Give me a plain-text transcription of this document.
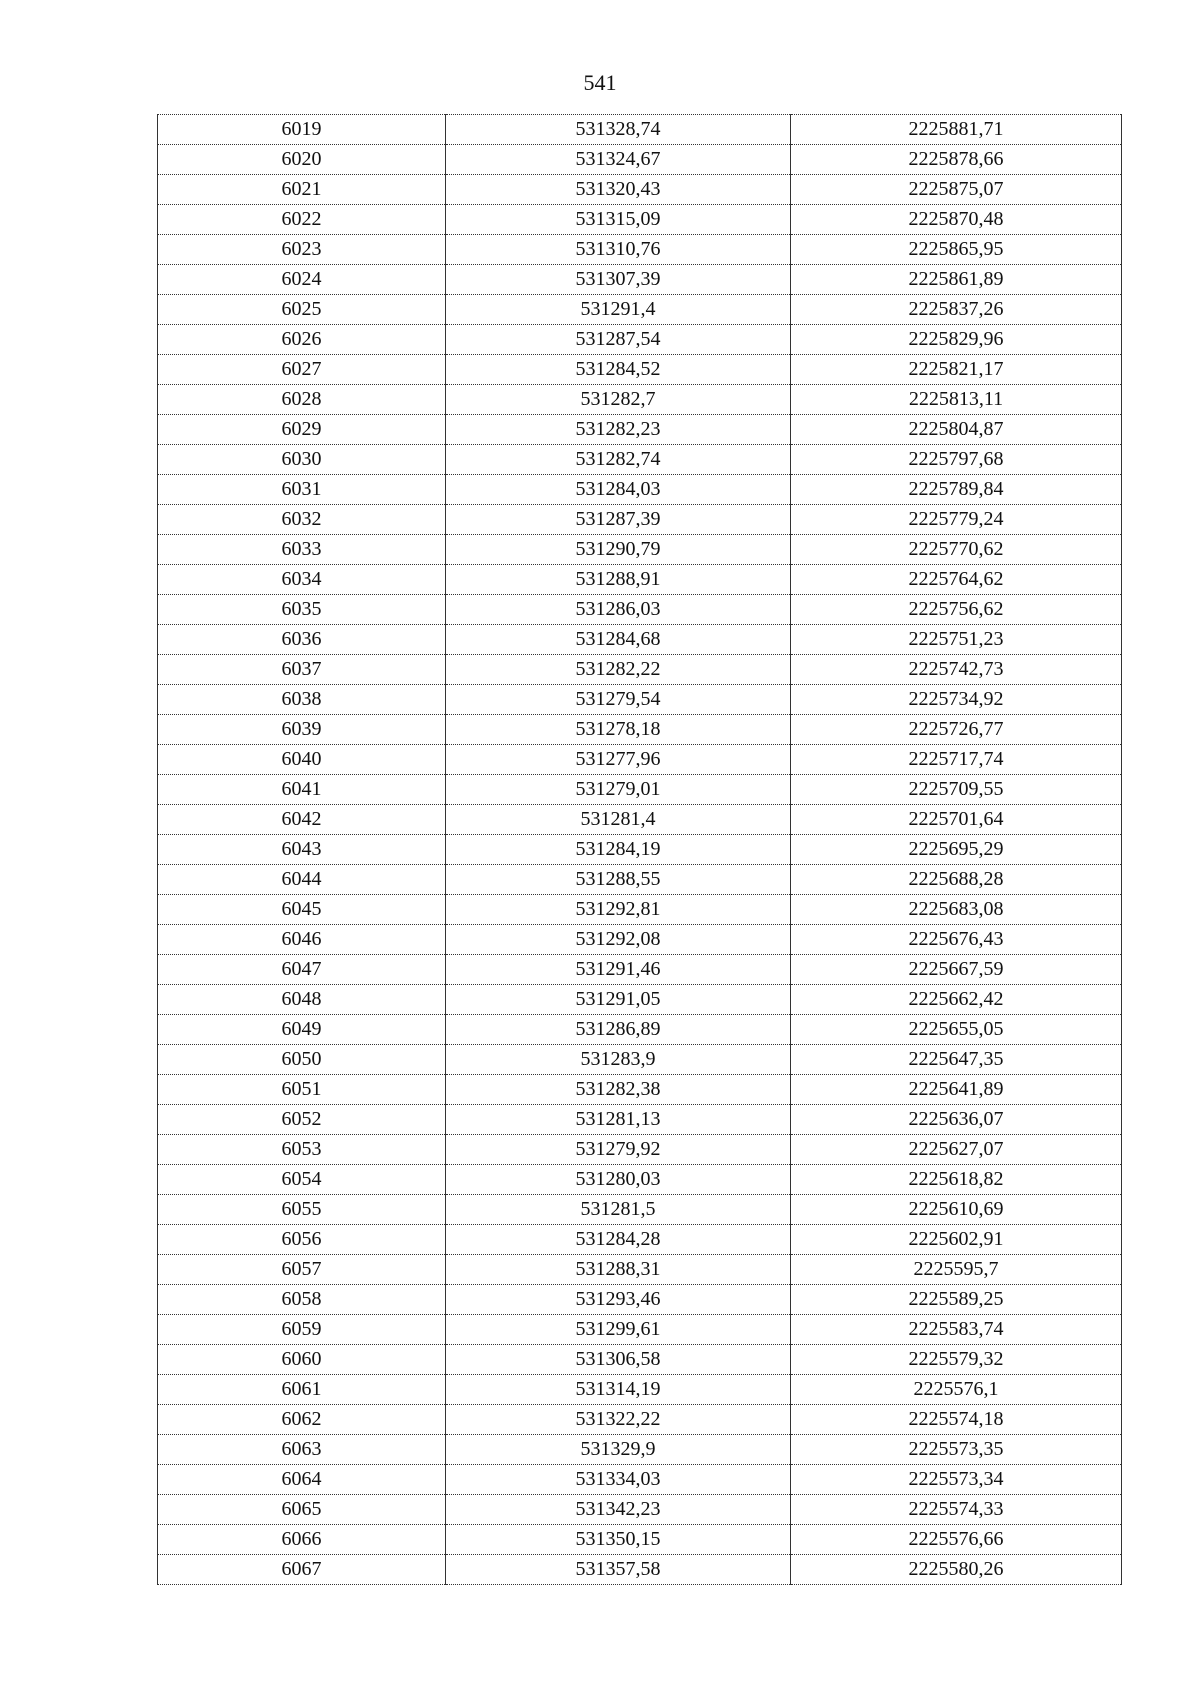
541
6019	531328,74	2225881,71
6020	531324,67	2225878,66
6021	531320,43	2225875,07
6022	531315,09	2225870,48
6023	531310,76	2225865,95
6024	531307,39	2225861,89
6025	531291,4	2225837,26
6026	531287,54	2225829,96
6027	531284,52	2225821,17
6028	531282,7	2225813,11
6029	531282,23	2225804,87
6030	531282,74	2225797,68
6031	531284,03	2225789,84
6032	531287,39	2225779,24
6033	531290,79	2225770,62
6034	531288,91	2225764,62
6035	531286,03	2225756,62
6036	531284,68	2225751,23
6037	531282,22	2225742,73
6038	531279,54	2225734,92
6039	531278,18	2225726,77
6040	531277,96	2225717,74
6041	531279,01	2225709,55
6042	531281,4	2225701,64
6043	531284,19	2225695,29
6044	531288,55	2225688,28
6045	531292,81	2225683,08
6046	531292,08	2225676,43
6047	531291,46	2225667,59
6048	531291,05	2225662,42
6049	531286,89	2225655,05
6050	531283,9	2225647,35
6051	531282,38	2225641,89
6052	531281,13	2225636,07
6053	531279,92	2225627,07
6054	531280,03	2225618,82
6055	531281,5	2225610,69
6056	531284,28	2225602,91
6057	531288,31	2225595,7
6058	531293,46	2225589,25
6059	531299,61	2225583,74
6060	531306,58	2225579,32
6061	531314,19	2225576,1
6062	531322,22	2225574,18
6063	531329,9	2225573,35
6064	531334,03	2225573,34
6065	531342,23	2225574,33
6066	531350,15	2225576,66
6067	531357,58	2225580,26
